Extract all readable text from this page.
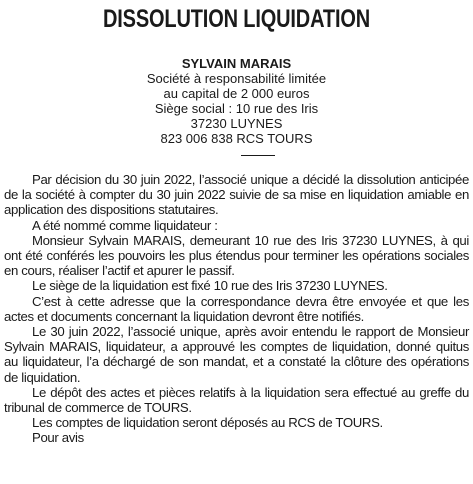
DISSOLUTION LIQUIDATION
SYLVAIN MARAIS
Société à responsabilité limitée
au capital de 2 000 euros
Siège social : 10 rue des Iris
37230 LUYNES
823 006 838 RCS TOURS

Par décision du 30 juin 2022, l’associé unique a décidé la dissolution anticipée de la société à compter du 30 juin 2022 suivie de sa mise en liquidation amiable en application des dispositions statutaires.

A été nommé comme liquidateur :

Monsieur Sylvain MARAIS, demeurant 10 rue des Iris 37230 LUYNES, à qui ont été conférés les pouvoirs les plus étendus pour terminer les opérations sociales en cours, réaliser l’actif et apurer le passif.

Le siège de la liquidation est fixé 10 rue des Iris 37230 LUYNES.

C’est à cette adresse que la correspondance devra être envoyée et que les actes et documents concernant la liquidation devront être notifiés.

Le 30 juin 2022, l’associé unique, après avoir entendu le rapport de Monsieur Sylvain MARAIS, liquidateur, a approuvé les comptes de liquidation, donné quitus au liquidateur, l’a déchargé de son mandat, et a constaté la clôture des opérations de liquidation.

Le dépôt des actes et pièces relatifs à la liquidation sera effectué au greffe du tribunal de commerce de TOURS.

Les comptes de liquidation seront déposés au RCS de TOURS.

Pour avis
